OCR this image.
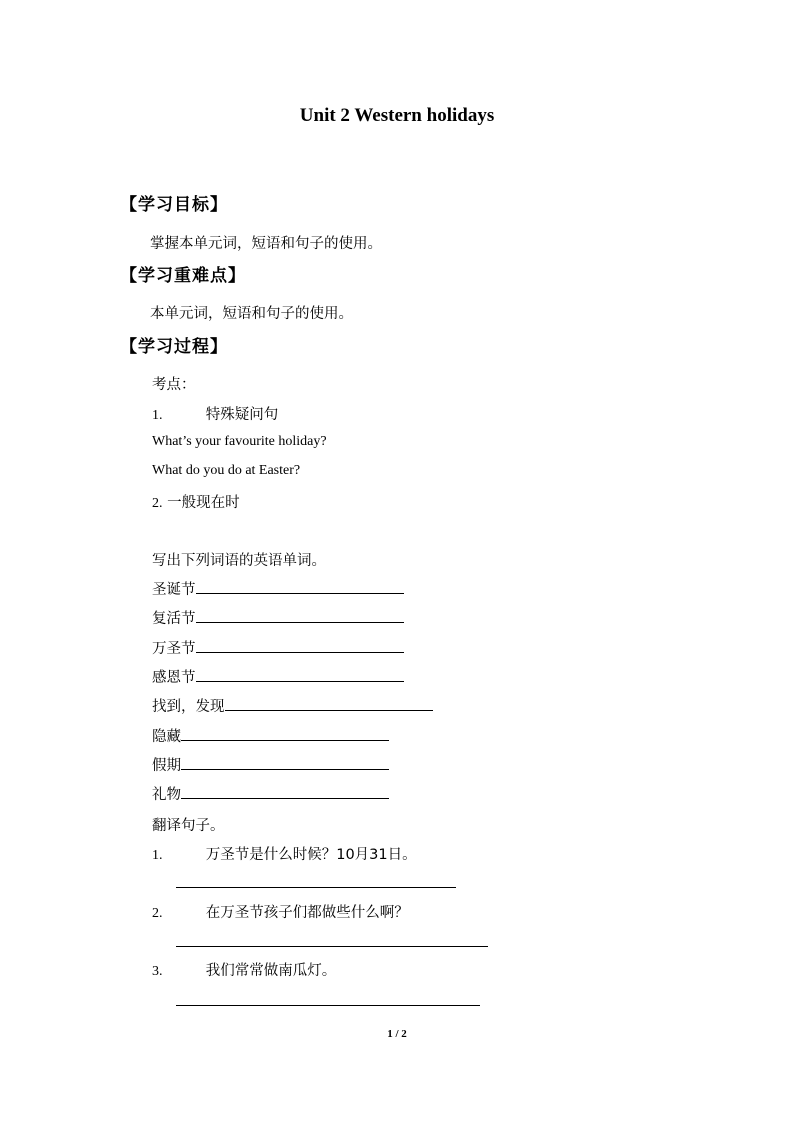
Unit 2 Western holidays
【学习目标】
掌握本单元词，短语和句子的使用。
【学习重难点】
本单元词，短语和句子的使用。
【学习过程】
考点：
1.	特殊疑问句
What’s your favourite holiday?
What do you do at Easter?
2. 一般现在时
写出下列词语的英语单词。
圣诞节
复活节
万圣节
感恩节
找到，发现
隐藏
假期
礼物
翻译句子。
1.	万圣节是什么时候？10月31日。
2.	在万圣节孩子们都做些什么啊？
3.	我们常常做南瓜灯。
1 / 2
